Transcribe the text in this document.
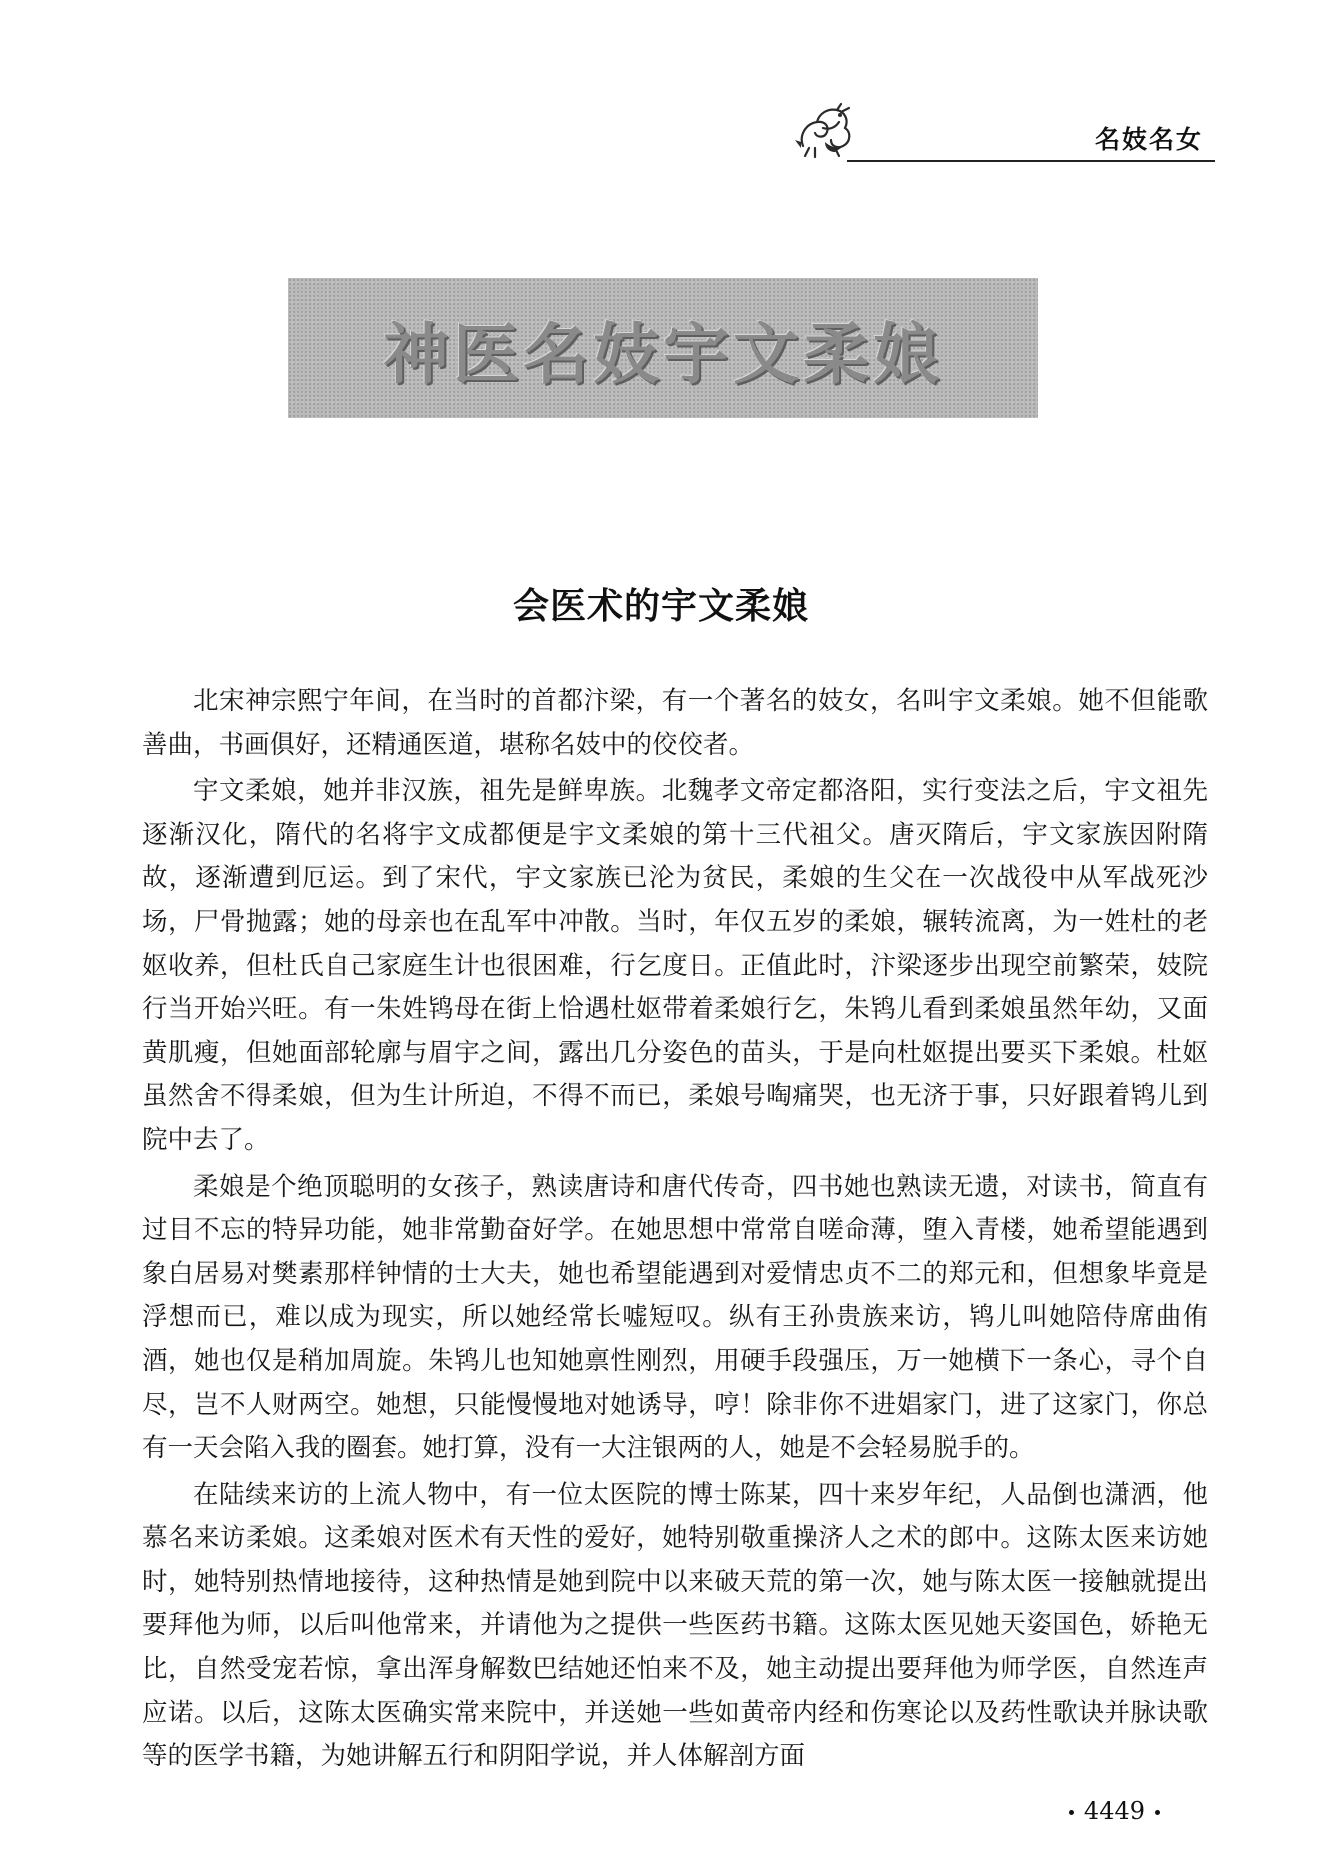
名妓名女
神医名妓宇文柔娘
会医术的宇文柔娘

北宋神宗熙宁年间，在当时的首都汴梁，有一个著名的妓女，名叫宇文柔娘。她不但能歌善曲，书画俱好，还精通医道，堪称名妓中的佼佼者。

宇文柔娘，她并非汉族，祖先是鲜卑族。北魏孝文帝定都洛阳，实行变法之后，宇文祖先逐渐汉化，隋代的名将宇文成都便是宇文柔娘的第十三代祖父。唐灭隋后，宇文家族因附隋故，逐渐遭到厄运。到了宋代，宇文家族已沦为贫民，柔娘的生父在一次战役中从军战死沙场，尸骨抛露；她的母亲也在乱军中冲散。当时，年仅五岁的柔娘，辗转流离，为一姓杜的老妪收养，但杜氏自己家庭生计也很困难，行乞度日。正值此时，汴梁逐步出现空前繁荣，妓院行当开始兴旺。有一朱姓鸨母在街上恰遇杜妪带着柔娘行乞，朱鸨儿看到柔娘虽然年幼，又面黄肌瘦，但她面部轮廓与眉宇之间，露出几分姿色的苗头，于是向杜妪提出要买下柔娘。杜妪虽然舍不得柔娘，但为生计所迫，不得不而已，柔娘号啕痛哭，也无济于事，只好跟着鸨儿到院中去了。

柔娘是个绝顶聪明的女孩子，熟读唐诗和唐代传奇，四书她也熟读无遗，对读书，简直有过目不忘的特异功能，她非常勤奋好学。在她思想中常常自嗟命薄，堕入青楼，她希望能遇到象白居易对樊素那样钟情的士大夫，她也希望能遇到对爱情忠贞不二的郑元和，但想象毕竟是浮想而已，难以成为现实，所以她经常长嘘短叹。纵有王孙贵族来访，鸨儿叫她陪侍席曲侑酒，她也仅是稍加周旋。朱鸨儿也知她禀性刚烈，用硬手段强压，万一她横下一条心，寻个自尽，岂不人财两空。她想，只能慢慢地对她诱导，哼！除非你不进娼家门，进了这家门，你总有一天会陷入我的圈套。她打算，没有一大注银两的人，她是不会轻易脱手的。

在陆续来访的上流人物中，有一位太医院的博士陈某，四十来岁年纪，人品倒也潇洒，他慕名来访柔娘。这柔娘对医术有天性的爱好，她特别敬重操济人之术的郎中。这陈太医来访她时，她特别热情地接待，这种热情是她到院中以来破天荒的第一次，她与陈太医一接触就提出要拜他为师，以后叫他常来，并请他为之提供一些医药书籍。这陈太医见她天姿国色，娇艳无比，自然受宠若惊，拿出浑身解数巴结她还怕来不及，她主动提出要拜他为师学医，自然连声应诺。以后，这陈太医确实常来院中，并送她一些如黄帝内经和伤寒论以及药性歌诀并脉诀歌等的医学书籍，为她讲解五行和阴阳学说，并人体解剖方面

4449
